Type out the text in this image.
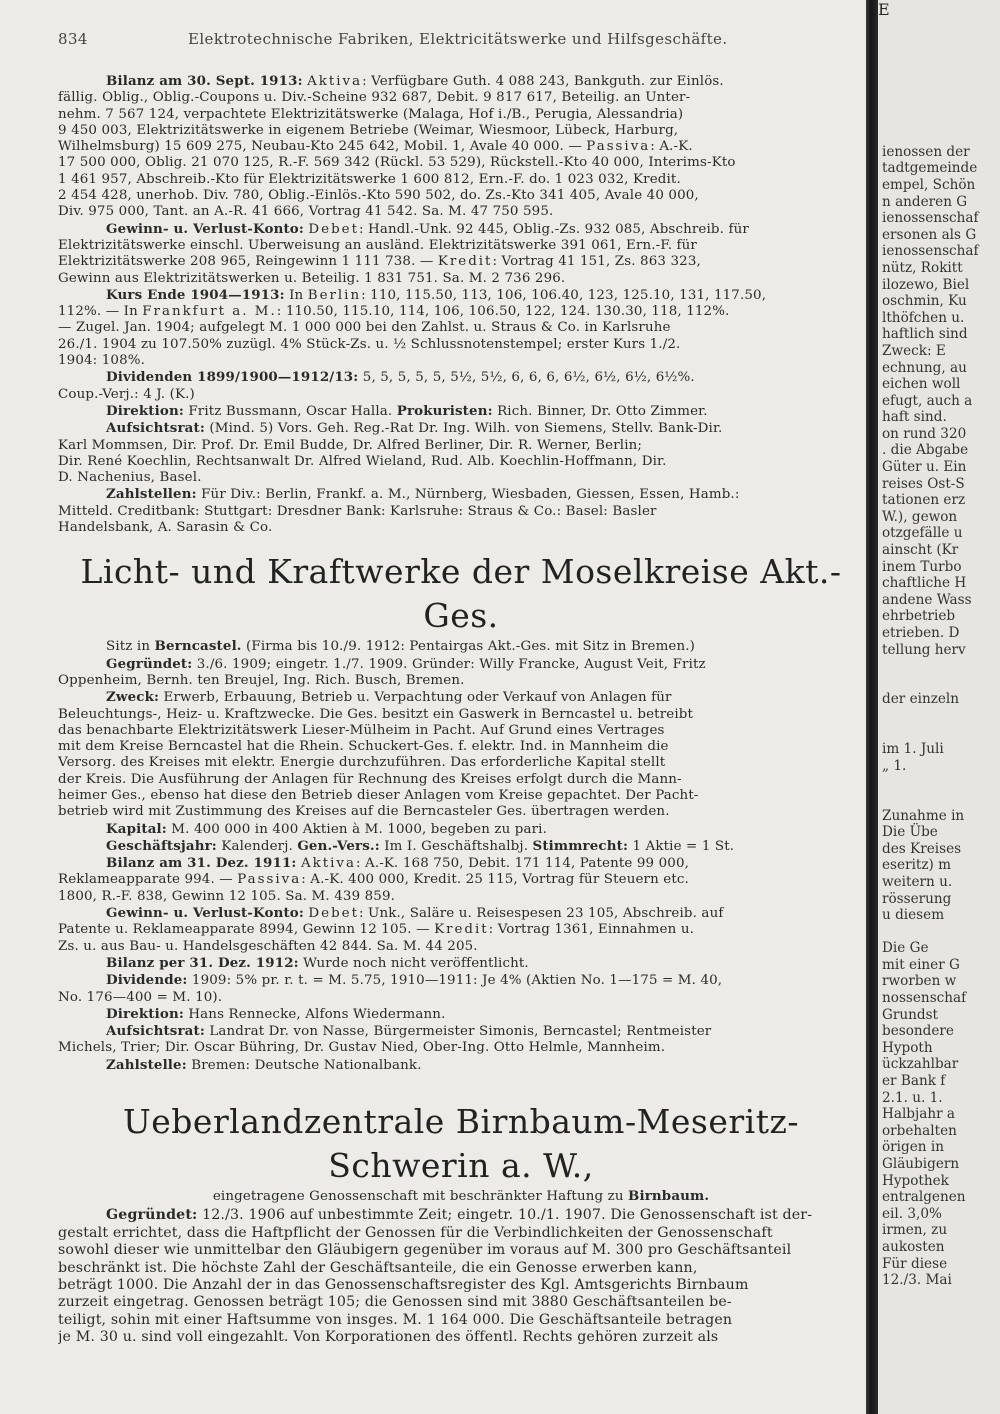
834	Elektrotechnische Fabriken, Elektricitätswerke und Hilfsgeschäfte.

Bilanz am 30. Sept. 1913: Aktiva: Verfügbare Guth. 4 088 243, Bankguth. zur Einlös.

fällig. Oblig., Oblig.-Coupons u. Div.-Scheine 932 687, Debit. 9 817 617, Beteilig. an Unter-

nehm. 7 567 124, verpachtete Elektrizitätswerke (Malaga, Hof i./B., Perugia, Alessandria)

9 450 003, Elektrizitätswerke in eigenem Betriebe (Weimar, Wiesmoor, Lübeck, Harburg,

Wilhelmsburg) 15 609 275, Neubau-Kto 245 642, Mobil. 1, Avale 40 000. — Passiva: A.-K.

17 500 000, Oblig. 21 070 125, R.-F. 569 342 (Rückl. 53 529), Rückstell.-Kto 40 000, Interims-Kto

1 461 957, Abschreib.-Kto für Elektrizitätswerke 1 600 812, Ern.-F. do. 1 023 032, Kredit.

2 454 428, unerhob. Div. 780, Oblig.-Einlös.-Kto 590 502, do. Zs.-Kto 341 405, Avale 40 000,

Div. 975 000, Tant. an A.-R. 41 666, Vortrag 41 542. Sa. M. 47 750 595.

Gewinn- u. Verlust-Konto: Debet: Handl.-Unk. 92 445, Oblig.-Zs. 932 085, Abschreib. für

Elektrizitätswerke einschl. Überweisung an ausländ. Elektrizitätswerke 391 061, Ern.-F. für

Elektrizitätswerke 208 965, Reingewinn 1 111 738. — Kredit: Vortrag 41 151, Zs. 863 323,

Gewinn aus Elektrizitätswerken u. Beteilig. 1 831 751. Sa. M. 2 736 296.

Kurs Ende 1904—1913: In Berlin: 110, 115.50, 113, 106, 106.40, 123, 125.10, 131, 117.50,

112%. — In Frankfurt a. M.: 110.50, 115.10, 114, 106, 106.50, 122, 124. 130.30, 118, 112%.

— Zugel. Jan. 1904; aufgelegt M. 1 000 000 bei den Zahlst. u. Straus & Co. in Karlsruhe

26./1. 1904 zu 107.50% zuzügl. 4% Stück-Zs. u. ½ Schlussnotenstempel; erster Kurs 1./2.

1904: 108%.

Dividenden 1899/1900—1912/13: 5, 5, 5, 5, 5, 5½, 5½, 6, 6, 6, 6½, 6½, 6½, 6½%.

Coup.-Verj.: 4 J. (K.)

Direktion: Fritz Bussmann, Oscar Halla. Prokuristen: Rich. Binner, Dr. Otto Zimmer.

Aufsichtsrat: (Mind. 5) Vors. Geh. Reg.-Rat Dr. Ing. Wilh. von Siemens, Stellv. Bank-Dir.

Karl Mommsen, Dir. Prof. Dr. Emil Budde, Dr. Alfred Berliner, Dir. R. Werner, Berlin;

Dir. René Koechlin, Rechtsanwalt Dr. Alfred Wieland, Rud. Alb. Koechlin-Hoffmann, Dir.

D. Nachenius, Basel.

Zahlstellen: Für Div.: Berlin, Frankf. a. M., Nürnberg, Wiesbaden, Giessen, Essen, Hamb.:

Mitteld. Creditbank: Stuttgart: Dresdner Bank: Karlsruhe: Straus & Co.: Basel: Basler

Handelsbank, A. Sarasin & Co.

Licht- und Kraftwerke der Moselkreise Akt.-Ges.

Sitz in Berncastel. (Firma bis 10./9. 1912: Pentairgas Akt.-Ges. mit Sitz in Bremen.)

Gegründet: 3./6. 1909; eingetr. 1./7. 1909. Gründer: Willy Francke, August Veit, Fritz

Oppenheim, Bernh. ten Breujel, Ing. Rich. Busch, Bremen.

Zweck: Erwerb, Erbauung, Betrieb u. Verpachtung oder Verkauf von Anlagen für

Beleuchtungs-, Heiz- u. Kraftzwecke. Die Ges. besitzt ein Gaswerk in Berncastel u. betreibt

das benachbarte Elektrizitätswerk Lieser-Mülheim in Pacht. Auf Grund eines Vertrages

mit dem Kreise Berncastel hat die Rhein. Schuckert-Ges. f. elektr. Ind. in Mannheim die

Versorg. des Kreises mit elektr. Energie durchzuführen. Das erforderliche Kapital stellt

der Kreis. Die Ausführung der Anlagen für Rechnung des Kreises erfolgt durch die Mann-

heimer Ges., ebenso hat diese den Betrieb dieser Anlagen vom Kreise gepachtet. Der Pacht-

betrieb wird mit Zustimmung des Kreises auf die Berncasteler Ges. übertragen werden.

Kapital: M. 400 000 in 400 Aktien à M. 1000, begeben zu pari.

Geschäftsjahr: Kalenderj. Gen.-Vers.: Im I. Geschäftshalbj. Stimmrecht: 1 Aktie = 1 St.

Bilanz am 31. Dez. 1911: Aktiva: A.-K. 168 750, Debit. 171 114, Patente 99 000,

Reklameapparate 994. — Passiva: A.-K. 400 000, Kredit. 25 115, Vortrag für Steuern etc.

1800, R.-F. 838, Gewinn 12 105. Sa. M. 439 859.

Gewinn- u. Verlust-Konto: Debet: Unk., Saläre u. Reisespesen 23 105, Abschreib. auf

Patente u. Reklameapparate 8994, Gewinn 12 105. — Kredit: Vortrag 1361, Einnahmen u.

Zs. u. aus Bau- u. Handelsgeschäften 42 844. Sa. M. 44 205.

Bilanz per 31. Dez. 1912: Wurde noch nicht veröffentlicht.

Dividende: 1909: 5% pr. r. t. = M. 5.75, 1910—1911: Je 4% (Aktien No. 1—175 = M. 40,

No. 176—400 = M. 10).

Direktion: Hans Rennecke, Alfons Wiedermann.

Aufsichtsrat: Landrat Dr. von Nasse, Bürgermeister Simonis, Berncastel; Rentmeister

Michels, Trier; Dir. Oscar Bühring, Dr. Gustav Nied, Ober-Ing. Otto Helmle, Mannheim.

Zahlstelle: Bremen: Deutsche Nationalbank.

Ueberlandzentrale Birnbaum-Meseritz-Schwerin a. W.,

eingetragene Genossenschaft mit beschränkter Haftung zu Birnbaum.

Gegründet: 12./3. 1906 auf unbestimmte Zeit; eingetr. 10./1. 1907. Die Genossenschaft ist der-

gestalt errichtet, dass die Haftpflicht der Genossen für die Verbindlichkeiten der Genossenschaft

sowohl dieser wie unmittelbar den Gläubigern gegenüber im voraus auf M. 300 pro Geschäftsanteil

beschränkt ist. Die höchste Zahl der Geschäftsanteile, die ein Genosse erwerben kann,

beträgt 1000. Die Anzahl der in das Genossenschaftsregister des Kgl. Amtsgerichts Birnbaum

zurzeit eingetrag. Genossen beträgt 105; die Genossen sind mit 3880 Geschäftsanteilen be-

teiligt, sohin mit einer Haftsumme von insges. M. 1 164 000. Die Geschäftsanteile betragen

je M. 30 u. sind voll eingezahlt. Von Korporationen des öffentl. Rechts gehören zurzeit als

E

ienossen der

tadtgemeinde

empel, Schön

n anderen G

ienossenschaf

ersonen als G

ienossenschaf

nütz, Rokitt

ilozewo, Biel

oschmin, Ku

lthöfchen u.

haftlich sind

Zweck: E

echnung, au

eichen woll

efugt, auch a

haft sind.

on rund 320

. die Abgabe

Güter u. Ein

reises Ost-S

tationen erz

W.), gewon

otzgefälle u

ainscht (Kr

inem Turbo

chaftliche H

andene Wass

ehrbetrieb

etrieben. D

tellung herv

der einzeln

im 1. Juli

„ 1.

Zunahme in

Die Übe

des Kreises

eseritz) m

weitern u.

rösserung

u diesem

Die Ge

mit einer G

rworben w

nossenschaf

Grundst

besondere

Hypoth

ückzahlbar

er Bank f

2.1. u. 1.

Halbjahr a

orbehalten

örigen in

Gläubigern

Hypothek

entralgenen

eil. 3,0%

irmen, zu

aukosten

Für diese

12./3. Mai
